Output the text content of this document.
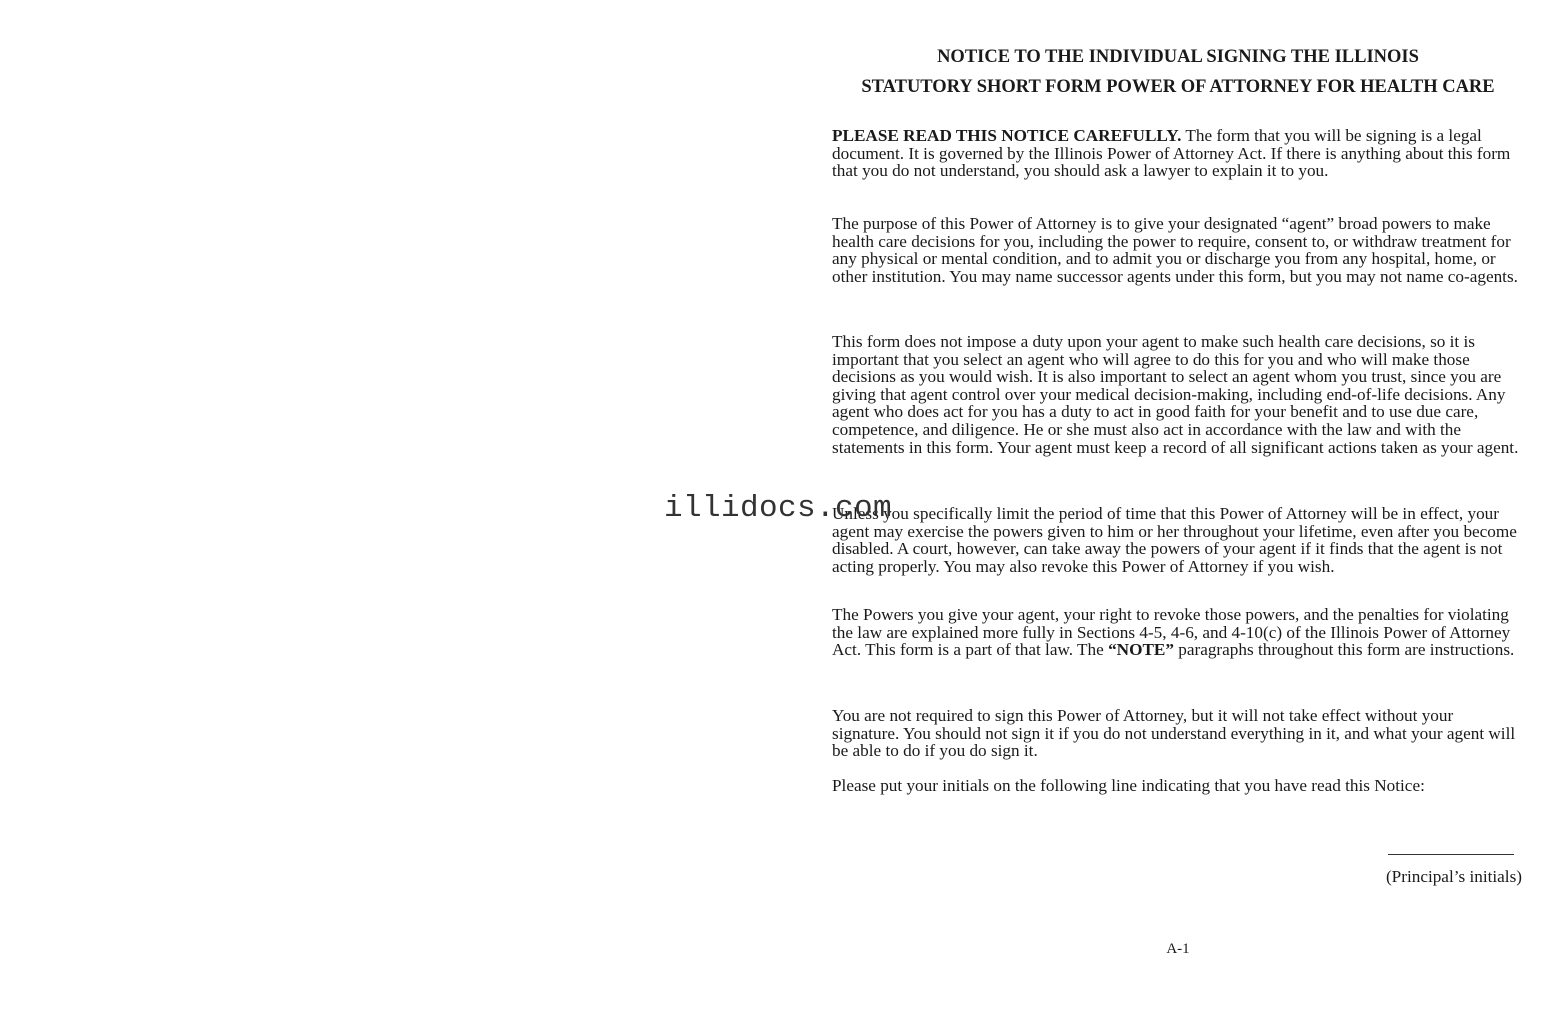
NOTICE TO THE INDIVIDUAL SIGNING THE ILLINOIS

STATUTORY SHORT FORM POWER OF ATTORNEY FOR HEALTH CARE

PLEASE READ THIS NOTICE CAREFULLY. The form that you will be signing is a legal document. It is governed by the Illinois Power of Attorney Act. If there is anything about this form that you do not understand, you should ask a lawyer to explain it to you.

The purpose of this Power of Attorney is to give your designated “agent” broad powers to make health care decisions for you, including the power to require, consent to, or withdraw treatment for any physical or mental condition, and to admit you or discharge you from any hospital, home, or other institution. You may name successor agents under this form, but you may not name co-agents.

This form does not impose a duty upon your agent to make such health care decisions, so it is important that you select an agent who will agree to do this for you and who will make those decisions as you would wish. It is also important to select an agent whom you trust, since you are giving that agent control over your medical decision-making, including end-of-life decisions. Any agent who does act for you has a duty to act in good faith for your benefit and to use due care, competence, and diligence. He or she must also act in accordance with the law and with the statements in this form. Your agent must keep a record of all significant actions taken as your agent.

Unless you specifically limit the period of time that this Power of Attorney will be in effect, your agent may exercise the powers given to him or her throughout your lifetime, even after you become disabled. A court, however, can take away the powers of your agent if it finds that the agent is not acting properly. You may also revoke this Power of Attorney if you wish.

The Powers you give your agent, your right to revoke those powers, and the penalties for violating the law are explained more fully in Sections 4-5, 4-6, and 4-10(c) of the Illinois Power of Attorney Act. This form is a part of that law. The “NOTE” paragraphs throughout this form are instructions.

You are not required to sign this Power of Attorney, but it will not take effect without your signature. You should not sign it if you do not understand everything in it, and what your agent will be able to do if you do sign it.

Please put your initials on the following line indicating that you have read this Notice:

(Principal’s initials)

A-1

illidocs.com
